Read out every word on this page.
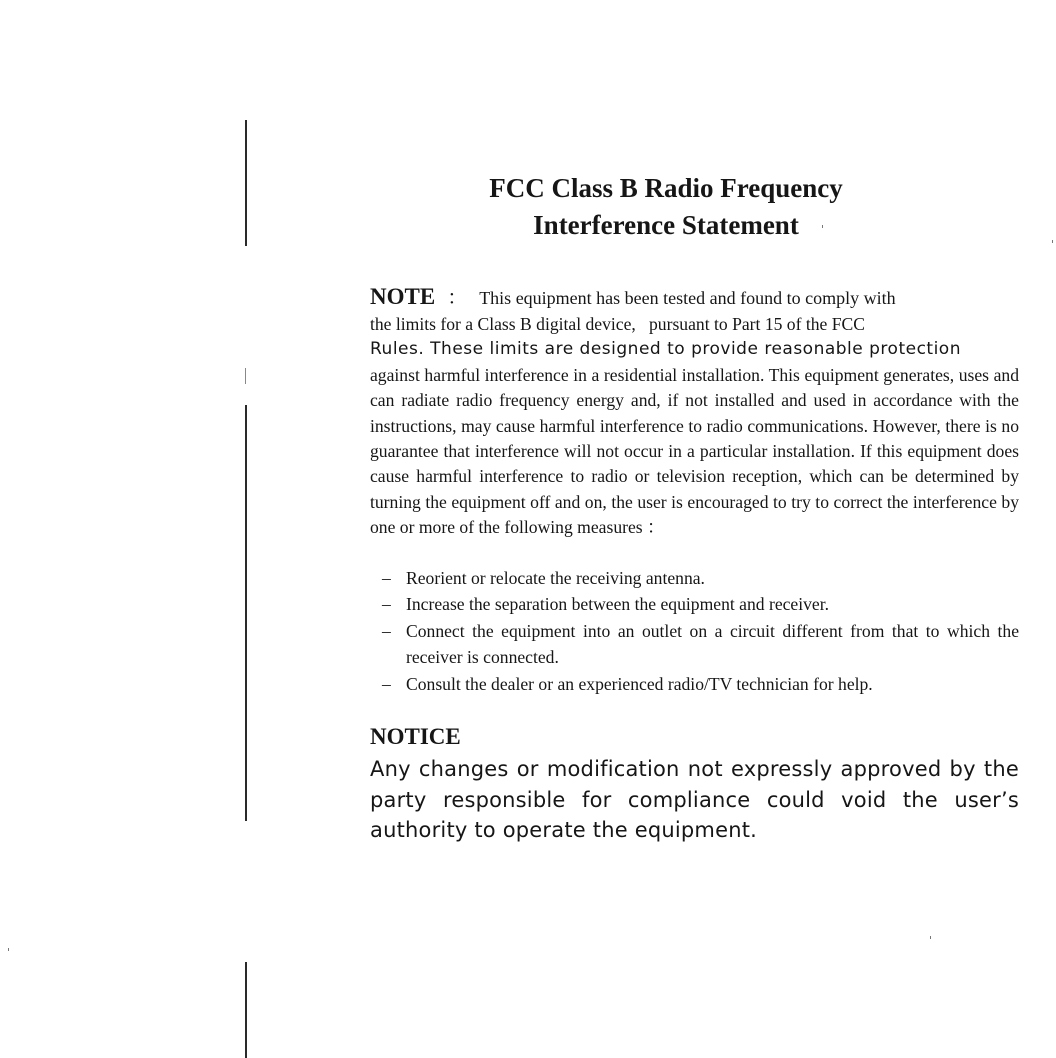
FCC Class B Radio Frequency
Interference Statement
NOTE ： This equipment has been tested and found to comply with
the limits for a Class B digital device,   pursuant to Part 15 of the FCC
Rules. These limits are designed to provide reasonable protection
against harmful interference in a residential installation. This equipment generates, uses and can radiate radio frequency energy and, if not installed and used in accordance with the instructions, may cause harmful interference to radio communications. However, there is no guarantee that interference will not occur in a particular installation. If this equipment does cause harmful interference to radio or television reception, which can be determined by turning the equipment off and on, the user is encouraged to try to correct the interference by one or more of the following measures ：
– Reorient or relocate the receiving antenna.
– Increase the separation between the equipment and receiver.
– Connect the equipment into an outlet on a circuit different from that to which the receiver is connected.
– Consult the dealer or an experienced radio/TV technician for help.
NOTICE
Any changes or modification not expressly approved by the party responsible for compliance could void the user’s authority to operate the equipment.
